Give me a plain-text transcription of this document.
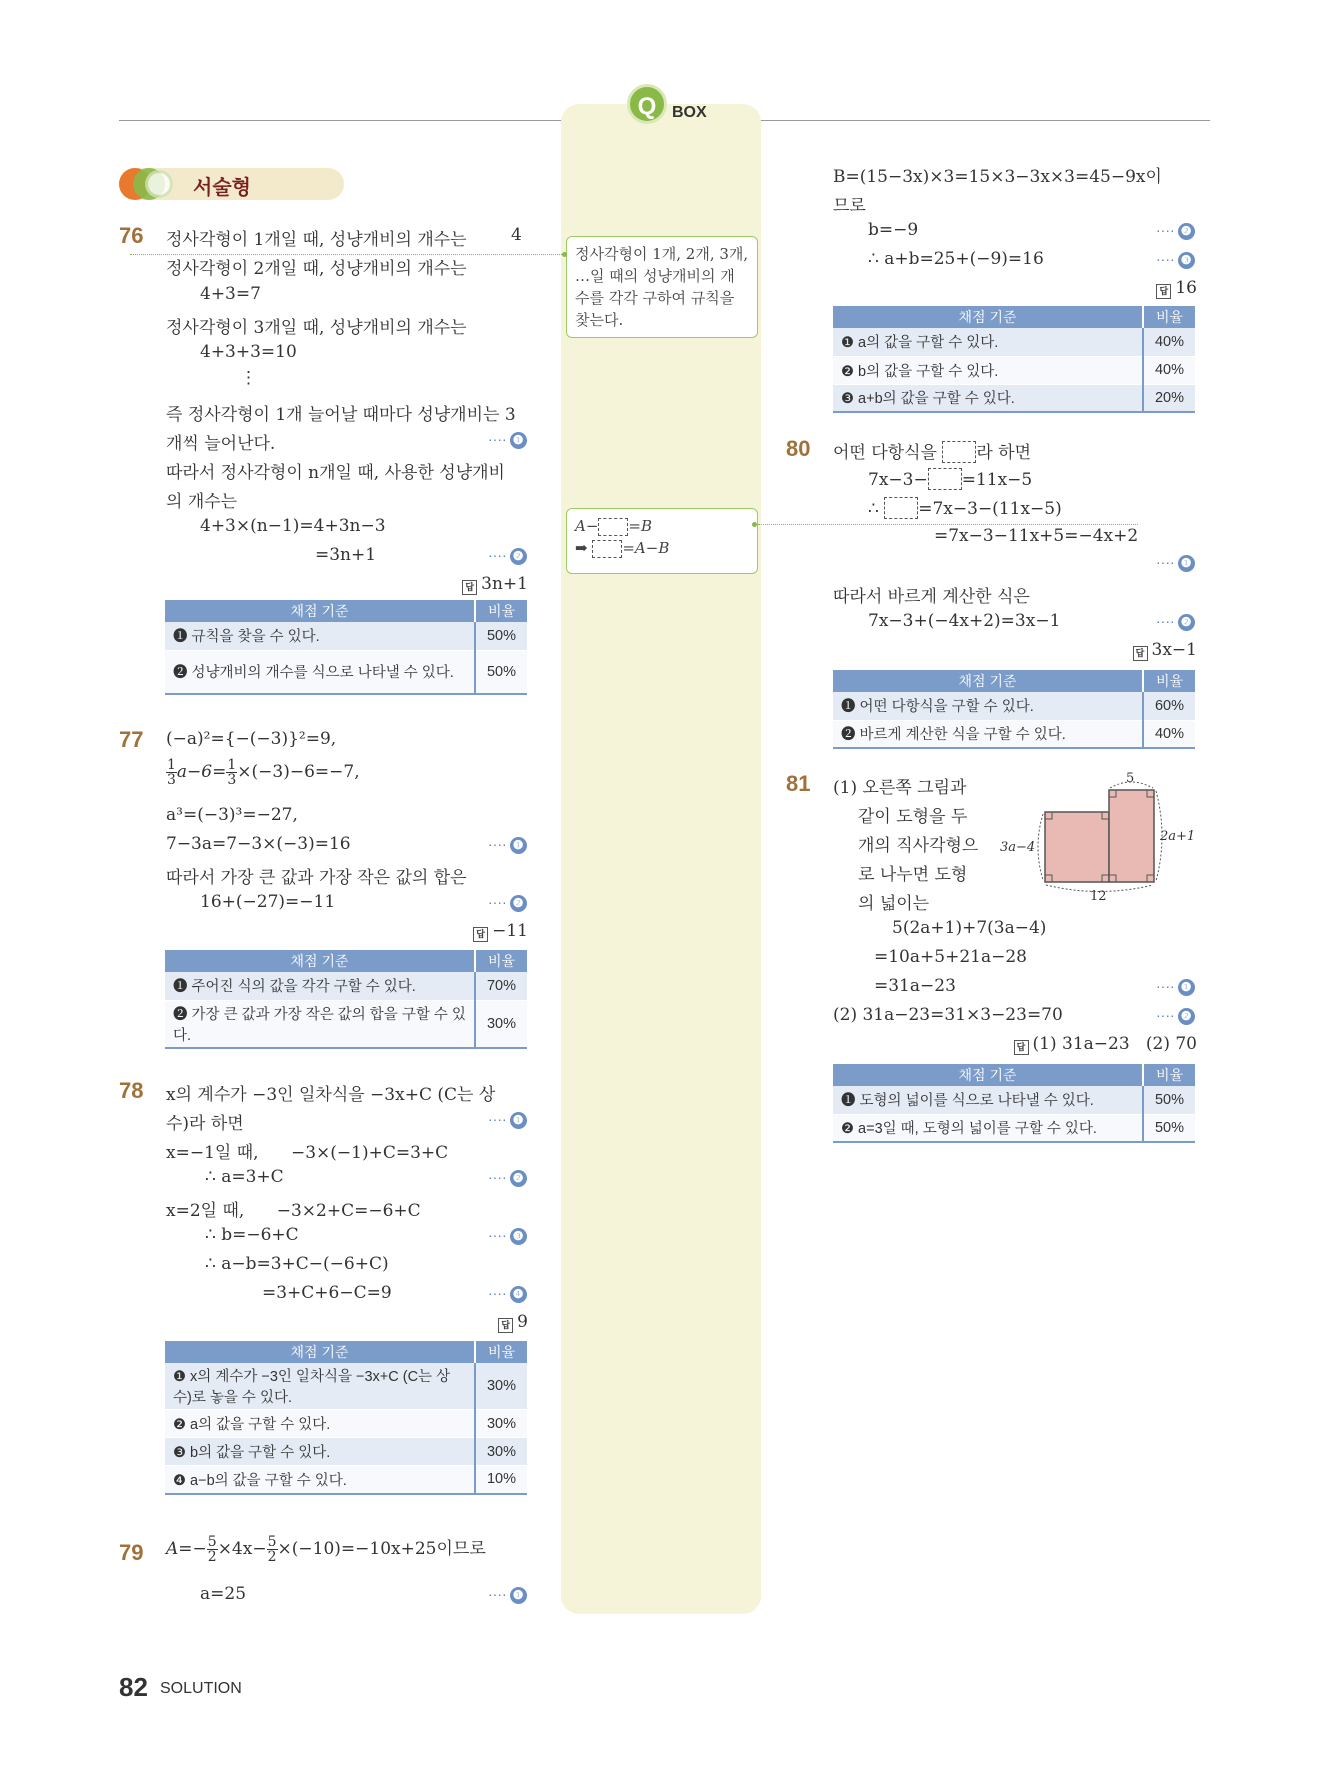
Q BOX
정사각형이 1개, 2개, 3개, …일 때의 성냥개비의 개수를 각각 구하여 규칙을 찾는다.
A− =B
➡ =A−B
서술형
76 정사각형이 1개일 때, 성냥개비의 개수는	4
정사각형이 2개일 때, 성냥개비의 개수는
4+3=7
정사각형이 3개일 때, 성냥개비의 개수는
4+3+3=10
⋮
즉 정사각형이 1개 늘어날 때마다 성냥개비는 3
개씩 늘어난다.	···· ❶
따라서 정사각형이 n개일 때, 사용한 성냥개비
의 개수는
4+3×(n−1)=4+3n−3
=3n+1	···· ❷
답 3n+1
채점 기준	비율
❶ 규칙을 찾을 수 있다.	50%
❷ 성냥개비의 개수를 식으로 나타낼 수 있다.	50%
77 (−a)²={−(−3)}²=9,
$\frac{1}{3} a-6= \frac{1}{3} \times(-3)-6=-7$,
a³=(−3)³=−27,
7−3a=7−3×(−3)=16	···· ❶
따라서 가장 큰 값과 가장 작은 값의 합은
16+(−27)=−11	···· ❷
답 −11
채점 기준	비율
❶ 주어진 식의 값을 각각 구할 수 있다.	70%
❷ 가장 큰 값과 가장 작은 값의 합을 구할 수 있다.	30%
78 x의 계수가 −3인 일차식을 −3x+C (C는 상
수)라 하면	···· ❶
x=−1일 때,      −3×(−1)+C=3+C
∴ a=3+C	···· ❷
x=2일 때,      −3×2+C=−6+C
∴ b=−6+C	···· ❸
∴ a−b=3+C−(−6+C)
=3+C+6−C=9	···· ❹
답 9
채점 기준	비율
❶ x의 계수가 −3인 일차식을 −3x+C (C는 상수)로 놓을 수 있다.	30%
❷ a의 값을 구할 수 있다.	30%
❸ b의 값을 구할 수 있다.	30%
❹ a−b의 값을 구할 수 있다.	10%
79 $A=- \frac{5}{2} \times 4x- \frac{5}{2} \times(-10)=-10x+25$이므로
a=25	···· ❶
B=(15−3x)×3=15×3−3x×3=45−9x이
므로
b=−9	···· ❷
∴ a+b=25+(−9)=16	···· ❸
답 16
채점 기준	비율
❶ a의 값을 구할 수 있다.	40%
❷ b의 값을 구할 수 있다.	40%
❸ a+b의 값을 구할 수 있다.	20%
80 어떤 다항식을 라 하면
7x−3− =11x−5
∴ =7x−3−(11x−5)
=7x−3−11x+5=−4x+2
···· ❶
따라서 바르게 계산한 식은
7x−3+(−4x+2)=3x−1	···· ❷
답 3x−1
채점 기준	비율
❶ 어떤 다항식을 구할 수 있다.	60%
❷ 바르게 계산한 식을 구할 수 있다.	40%
81 (1) 오른쪽 그림과
같이 도형을 두
개의 직사각형으
로 나누면 도형
의 넓이는
5
2a+1
3a−4
12
5(2a+1)+7(3a−4)
=10a+5+21a−28
=31a−23	···· ❶
(2) 31a−23=31×3−23=70	···· ❷
답 (1) 31a−23   (2) 70
채점 기준	비율
❶ 도형의 넓이를 식으로 나타낼 수 있다.	50%
❷ a=3일 때, 도형의 넓이를 구할 수 있다.	50%
82 SOLUTION
